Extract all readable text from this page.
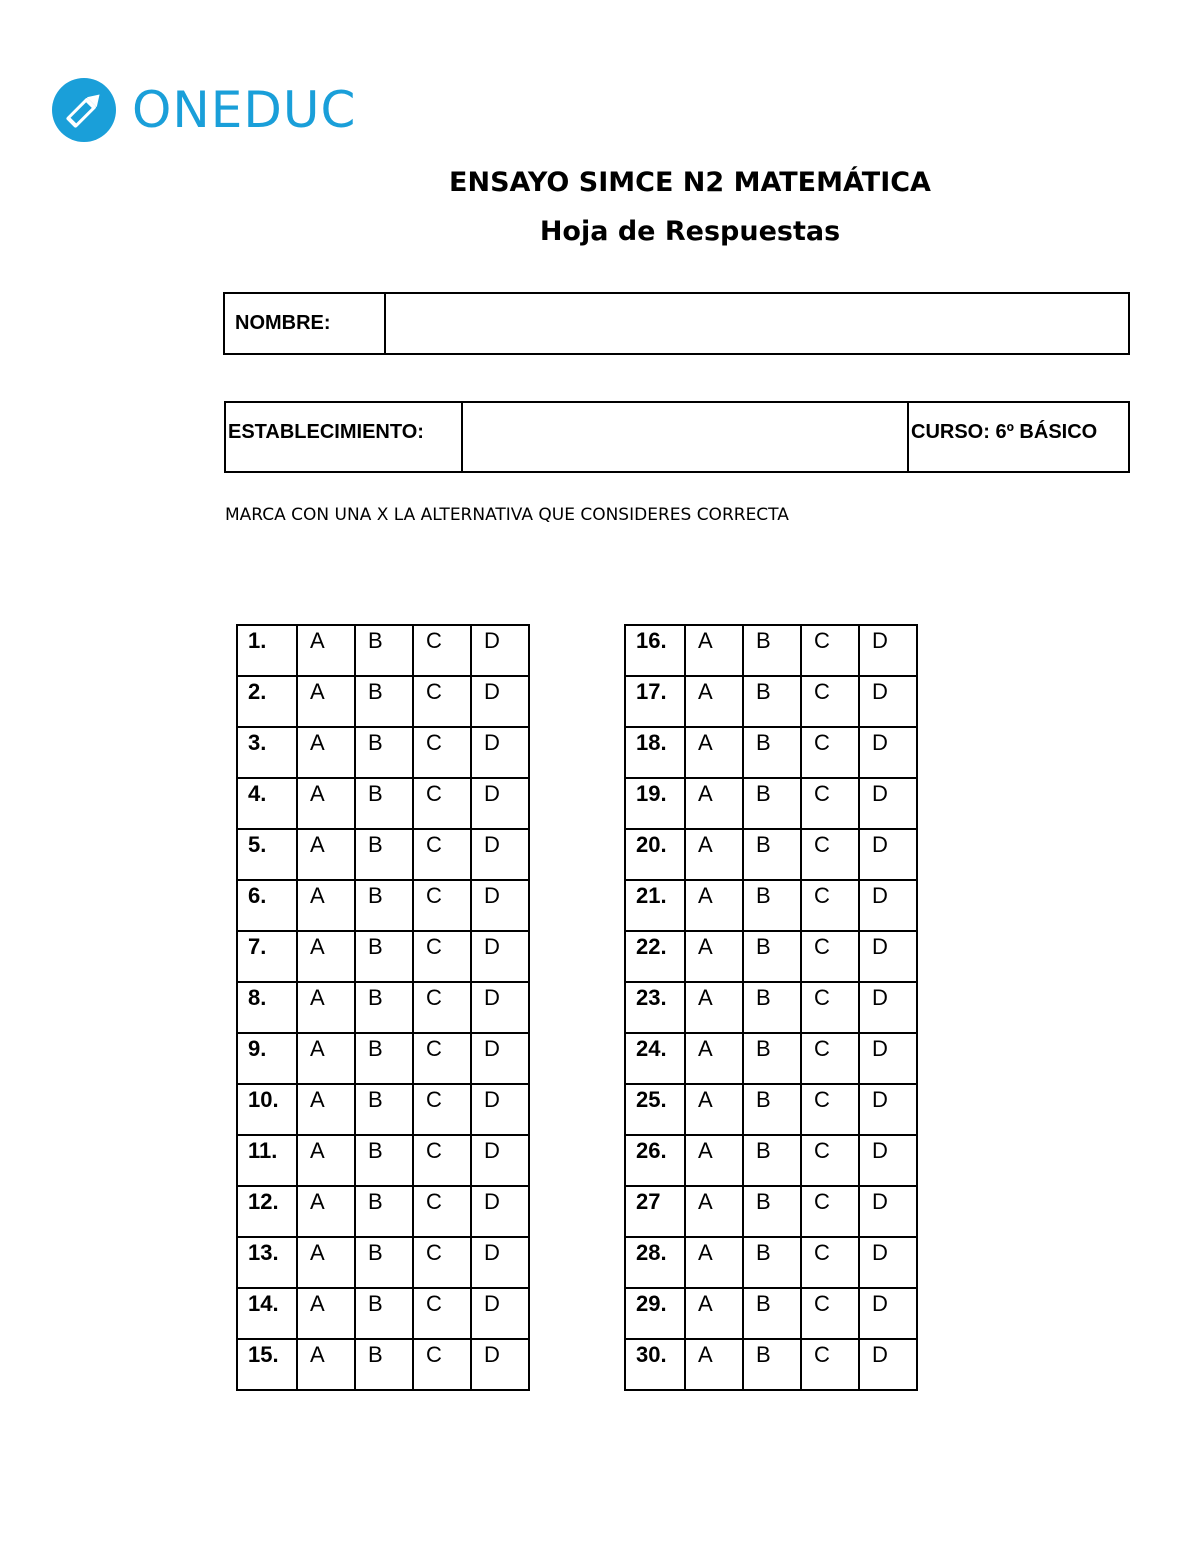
ONEDUC
ENSAYO SIMCE N2 MATEMÁTICA
Hoja de Respuestas
NOMBRE:
ESTABLECIMIENTO:	CURSO: 6º BÁSICO
MARCA CON UNA X LA ALTERNATIVA QUE CONSIDERES CORRECTA
1.	A	B	C	D
2.	A	B	C	D
3.	A	B	C	D
4.	A	B	C	D
5.	A	B	C	D
6.	A	B	C	D
7.	A	B	C	D
8.	A	B	C	D
9.	A	B	C	D
10.	A	B	C	D
11.	A	B	C	D
12.	A	B	C	D
13.	A	B	C	D
14.	A	B	C	D
15.	A	B	C	D
16.	A	B	C	D
17.	A	B	C	D
18.	A	B	C	D
19.	A	B	C	D
20.	A	B	C	D
21.	A	B	C	D
22.	A	B	C	D
23.	A	B	C	D
24.	A	B	C	D
25.	A	B	C	D
26.	A	B	C	D
27	A	B	C	D
28.	A	B	C	D
29.	A	B	C	D
30.	A	B	C	D
